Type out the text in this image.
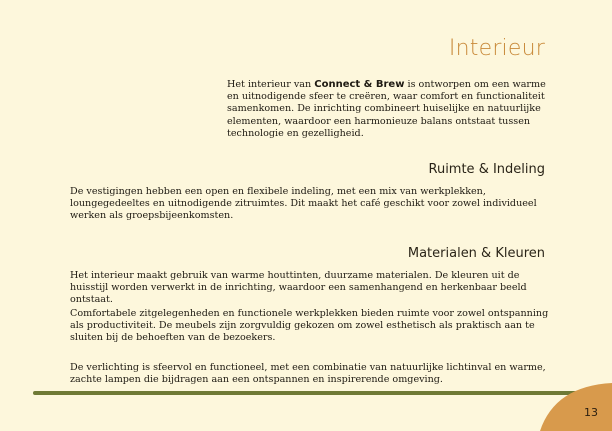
Interieur
Het interieur van Connect & Brew is ontworpen om een warme en uitnodigende sfeer te creëren, waar comfort en functionaliteit samenkomen. De inrichting combineert huiselijke en natuurlijke elementen, waardoor een harmonieuze balans ontstaat tussen technologie en gezelligheid.
Ruimte & Indeling
De vestigingen hebben een open en flexibele indeling, met een mix van werkplekken, loungegedeeltes en uitnodigende zitruimtes. Dit maakt het café geschikt voor zowel individueel werken als groepsbijeenkomsten.
Materialen & Kleuren
Het interieur maakt gebruik van warme houttinten, duurzame materialen. De kleuren uit de huisstijl worden verwerkt in de inrichting, waardoor een samenhangend en herkenbaar beeld ontstaat.
Comfortabele zitgelegenheden en functionele werkplekken bieden ruimte voor zowel ontspanning als productiviteit. De meubels zijn zorgvuldig gekozen om zowel esthetisch als praktisch aan te sluiten bij de behoeften van de bezoekers.
De verlichting is sfeervol en functioneel, met een combinatie van natuurlijke lichtinval en warme, zachte lampen die bijdragen aan een ontspannen en inspirerende omgeving.
13
